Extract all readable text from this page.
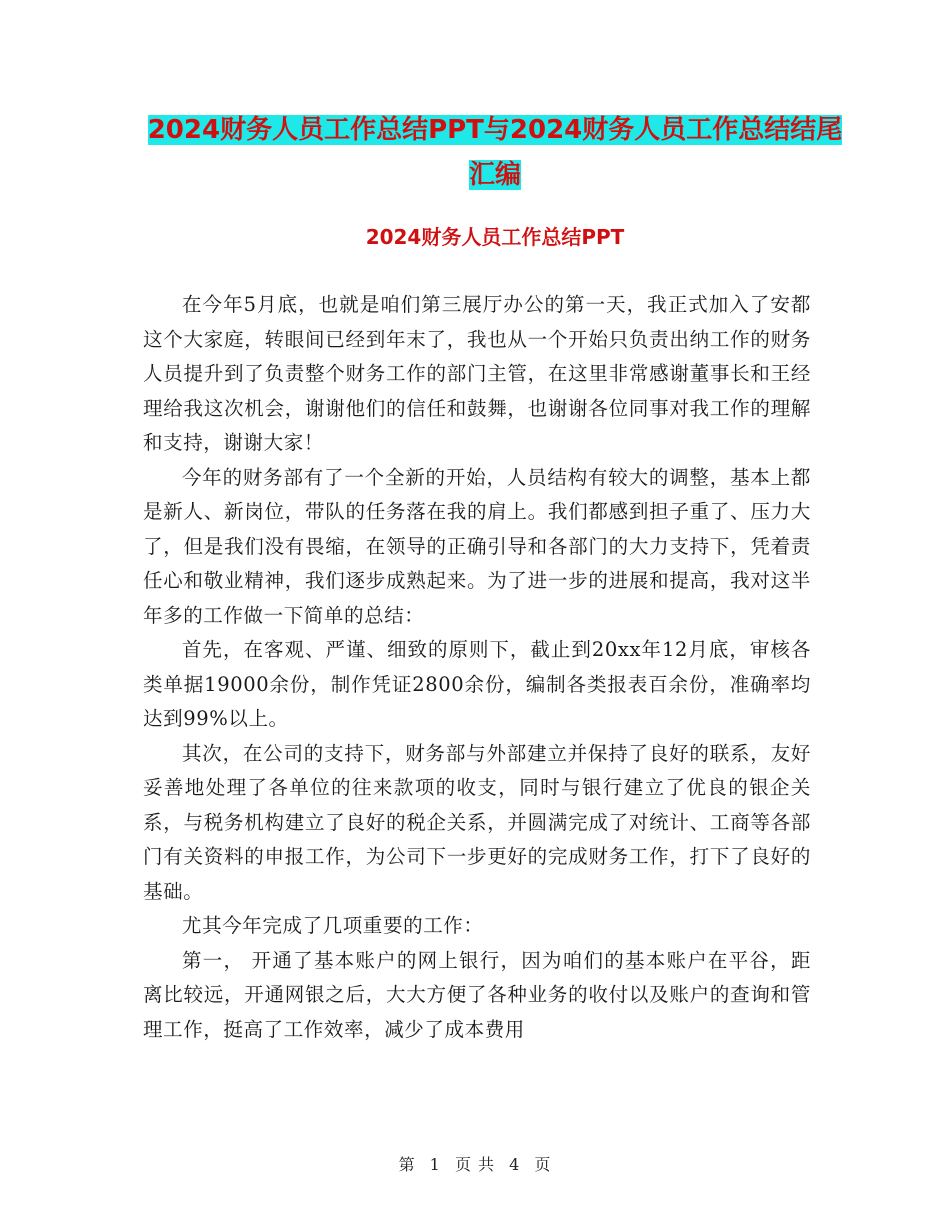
2024财务人员工作总结PPT与2024财务人员工作总结结尾汇编
2024财务人员工作总结PPT

在今年5月底，也就是咱们第三展厅办公的第一天，我正式加入了安都这个大家庭，转眼间已经到年末了，我也从一个开始只负责出纳工作的财务人员提升到了负责整个财务工作的部门主管，在这里非常感谢董事长和王经理给我这次机会，谢谢他们的信任和鼓舞，也谢谢各位同事对我工作的理解和支持，谢谢大家！

今年的财务部有了一个全新的开始，人员结构有较大的调整，基本上都是新人、新岗位，带队的任务落在我的肩上。我们都感到担子重了、压力大了，但是我们没有畏缩，在领导的正确引导和各部门的大力支持下，凭着责任心和敬业精神，我们逐步成熟起来。为了进一步的进展和提高，我对这半年多的工作做一下简单的总结：

首先，在客观、严谨、细致的原则下，截止到20xx年12月底，审核各类单据19000余份，制作凭证2800余份，编制各类报表百余份，准确率均达到99%以上。

其次，在公司的支持下，财务部与外部建立并保持了良好的联系，友好妥善地处理了各单位的往来款项的收支，同时与银行建立了优良的银企关系，与税务机构建立了良好的税企关系，并圆满完成了对统计、工商等各部门有关资料的申报工作，为公司下一步更好的完成财务工作，打下了良好的基础。

尤其今年完成了几项重要的工作：

第一， 开通了基本账户的网上银行，因为咱们的基本账户在平谷，距离比较远，开通网银之后，大大方便了各种业务的收付以及账户的查询和管理工作，挺高了工作效率，减少了成本费用

第 1 页 共 4 页
